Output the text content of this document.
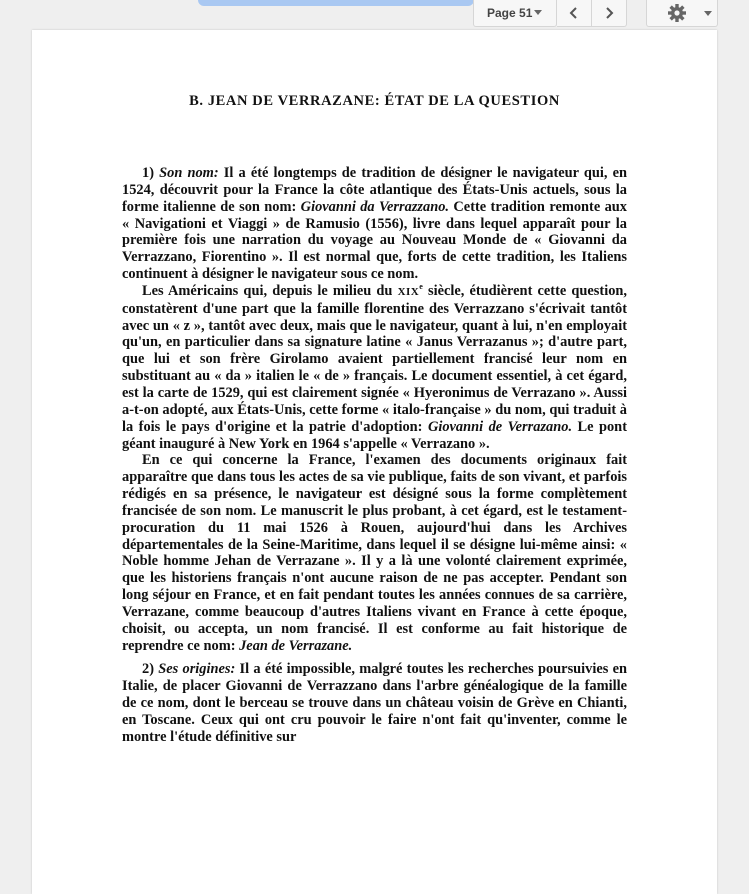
Page 51
B. JEAN DE VERRAZANE: ÉTAT DE LA QUESTION

1) Son nom: Il a été longtemps de tradition de désigner le navigateur qui, en 1524, découvrit pour la France la côte atlantique des États-Unis actuels, sous la forme italienne de son nom: Giovanni da Verrazzano. Cette tradition remonte aux « Navigationi et Viaggi » de Ramusio (1556), livre dans lequel apparaît pour la première fois une narration du voyage au Nouveau Monde de « Giovanni da Verrazzano, Fiorentino ». Il est normal que, forts de cette tradition, les Italiens continuent à désigner le navigateur sous ce nom.

Les Américains qui, depuis le milieu du XIXe siècle, étudièrent cette question, constatèrent d'une part que la famille florentine des Verrazzano s'écrivait tantôt avec un « z », tantôt avec deux, mais que le navigateur, quant à lui, n'en employait qu'un, en particulier dans sa signature latine « Janus Verrazanus »; d'autre part, que lui et son frère Girolamo avaient partiellement francisé leur nom en substituant au « da » italien le « de » français. Le document essentiel, à cet égard, est la carte de 1529, qui est clairement signée « Hyeronimus de Verrazano ». Aussi a-t-on adopté, aux États-Unis, cette forme « italo-française » du nom, qui traduit à la fois le pays d'origine et la patrie d'adoption: Giovanni de Verrazano. Le pont géant inauguré à New York en 1964 s'appelle « Verrazano ».

En ce qui concerne la France, l'examen des documents originaux fait apparaître que dans tous les actes de sa vie publique, faits de son vivant, et parfois rédigés en sa présence, le navigateur est désigné sous la forme complètement francisée de son nom. Le manuscrit le plus probant, à cet égard, est le testament-procuration du 11 mai 1526 à Rouen, aujourd'hui dans les Archives départementales de la Seine-Maritime, dans lequel il se désigne lui-même ainsi: « Noble homme Jehan de Verrazane ». Il y a là une volonté clairement exprimée, que les historiens français n'ont aucune raison de ne pas accepter. Pendant son long séjour en France, et en fait pendant toutes les années connues de sa carrière, Verrazane, comme beaucoup d'autres Italiens vivant en France à cette époque, choisit, ou accepta, un nom francisé. Il est conforme au fait historique de reprendre ce nom: Jean de Verrazane.

2) Ses origines: Il a été impossible, malgré toutes les recherches poursuivies en Italie, de placer Giovanni de Verrazzano dans l'arbre généalogique de la famille de ce nom, dont le berceau se trouve dans un château voisin de Grève en Chianti, en Toscane. Ceux qui ont cru pouvoir le faire n'ont fait qu'inventer, comme le montre l'étude définitive sur
